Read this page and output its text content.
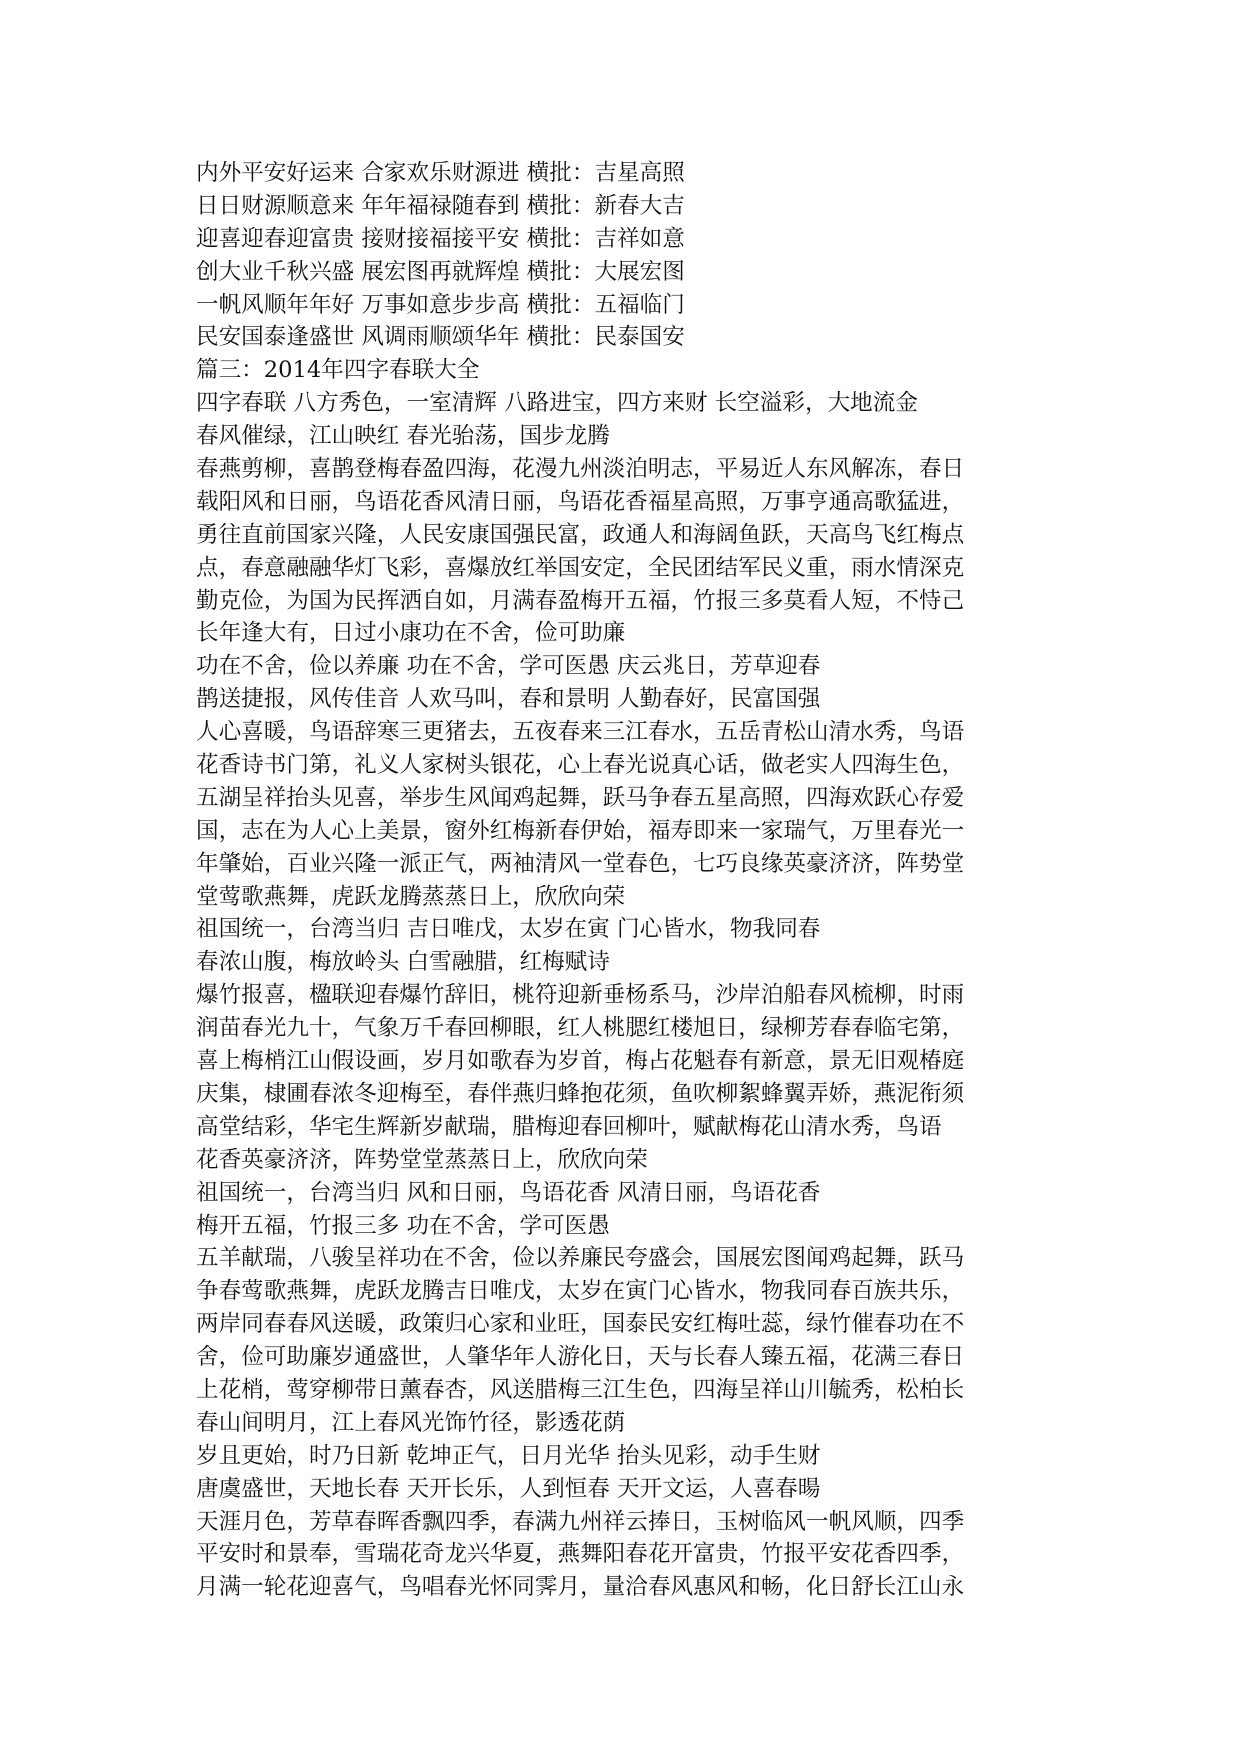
内外平安好运来 合家欢乐财源进 横批：吉星高照
日日财源顺意来 年年福禄随春到 横批：新春大吉
迎喜迎春迎富贵 接财接福接平安 横批：吉祥如意
创大业千秋兴盛 展宏图再就辉煌 横批：大展宏图
一帆风顺年年好 万事如意步步高 横批：五福临门
民安国泰逢盛世 风调雨顺颂华年 横批：民泰国安
篇三：2014年四字春联大全
四字春联 八方秀色，一室清辉 八路进宝，四方来财 长空溢彩，大地流金
春风催绿，江山映红 春光骀荡，国步龙腾
春燕剪柳，喜鹊登梅春盈四海，花漫九州淡泊明志，平易近人东风解冻，春日
载阳风和日丽，鸟语花香风清日丽，鸟语花香福星高照，万事亨通高歌猛进，
勇往直前国家兴隆，人民安康国强民富，政通人和海阔鱼跃，天高鸟飞红梅点
点，春意融融华灯飞彩，喜爆放红举国安定，全民团结军民义重，雨水情深克
勤克俭，为国为民挥洒自如，月满春盈梅开五福，竹报三多莫看人短，不恃己
长年逢大有，日过小康功在不舍，俭可助廉
功在不舍，俭以养廉 功在不舍，学可医愚 庆云兆日，芳草迎春
鹊送捷报，风传佳音 人欢马叫，春和景明 人勤春好，民富国强
人心喜暖，鸟语辞寒三更猪去，五夜春来三江春水，五岳青松山清水秀，鸟语
花香诗书门第，礼义人家树头银花，心上春光说真心话，做老实人四海生色，
五湖呈祥抬头见喜，举步生风闻鸡起舞，跃马争春五星高照，四海欢跃心存爱
国，志在为人心上美景，窗外红梅新春伊始，福寿即来一家瑞气，万里春光一
年肇始，百业兴隆一派正气，两袖清风一堂春色，七巧良缘英豪济济，阵势堂
堂莺歌燕舞，虎跃龙腾蒸蒸日上，欣欣向荣
祖国统一，台湾当归 吉日唯戊，太岁在寅 门心皆水，物我同春
春浓山腹，梅放岭头 白雪融腊，红梅赋诗
爆竹报喜，楹联迎春爆竹辞旧，桃符迎新垂杨系马，沙岸泊船春风梳柳，时雨
润苗春光九十，气象万千春回柳眼，红人桃腮红楼旭日，绿柳芳春春临宅第，
喜上梅梢江山假设画，岁月如歌春为岁首，梅占花魁春有新意，景无旧观椿庭
庆集，棣圃春浓冬迎梅至，春伴燕归蜂抱花须，鱼吹柳絮蜂翼弄娇，燕泥衔须
高堂结彩，华宅生辉新岁献瑞，腊梅迎春回柳叶，赋献梅花山清水秀，鸟语
花香英豪济济，阵势堂堂蒸蒸日上，欣欣向荣
祖国统一，台湾当归 风和日丽，鸟语花香 风清日丽，鸟语花香
梅开五福，竹报三多 功在不舍，学可医愚
五羊献瑞，八骏呈祥功在不舍，俭以养廉民夸盛会，国展宏图闻鸡起舞，跃马
争春莺歌燕舞，虎跃龙腾吉日唯戊，太岁在寅门心皆水，物我同春百族共乐，
两岸同春春风送暖，政策归心家和业旺，国泰民安红梅吐蕊，绿竹催春功在不
舍，俭可助廉岁通盛世，人肇华年人游化日，天与长春人臻五福，花满三春日
上花梢，莺穿柳带日薰春杏，风送腊梅三江生色，四海呈祥山川毓秀，松柏长
春山间明月，江上春风光饰竹径，影透花荫
岁且更始，时乃日新 乾坤正气，日月光华 抬头见彩，动手生财
唐虞盛世，天地长春 天开长乐，人到恒春 天开文运，人喜春暘
天涯月色，芳草春晖香飘四季，春满九州祥云捧日，玉树临风一帆风顺，四季
平安时和景奉，雪瑞花奇龙兴华夏，燕舞阳春花开富贵，竹报平安花香四季，
月满一轮花迎喜气，鸟唱春光怀同霁月，量洽春风惠风和畅，化日舒长江山永
